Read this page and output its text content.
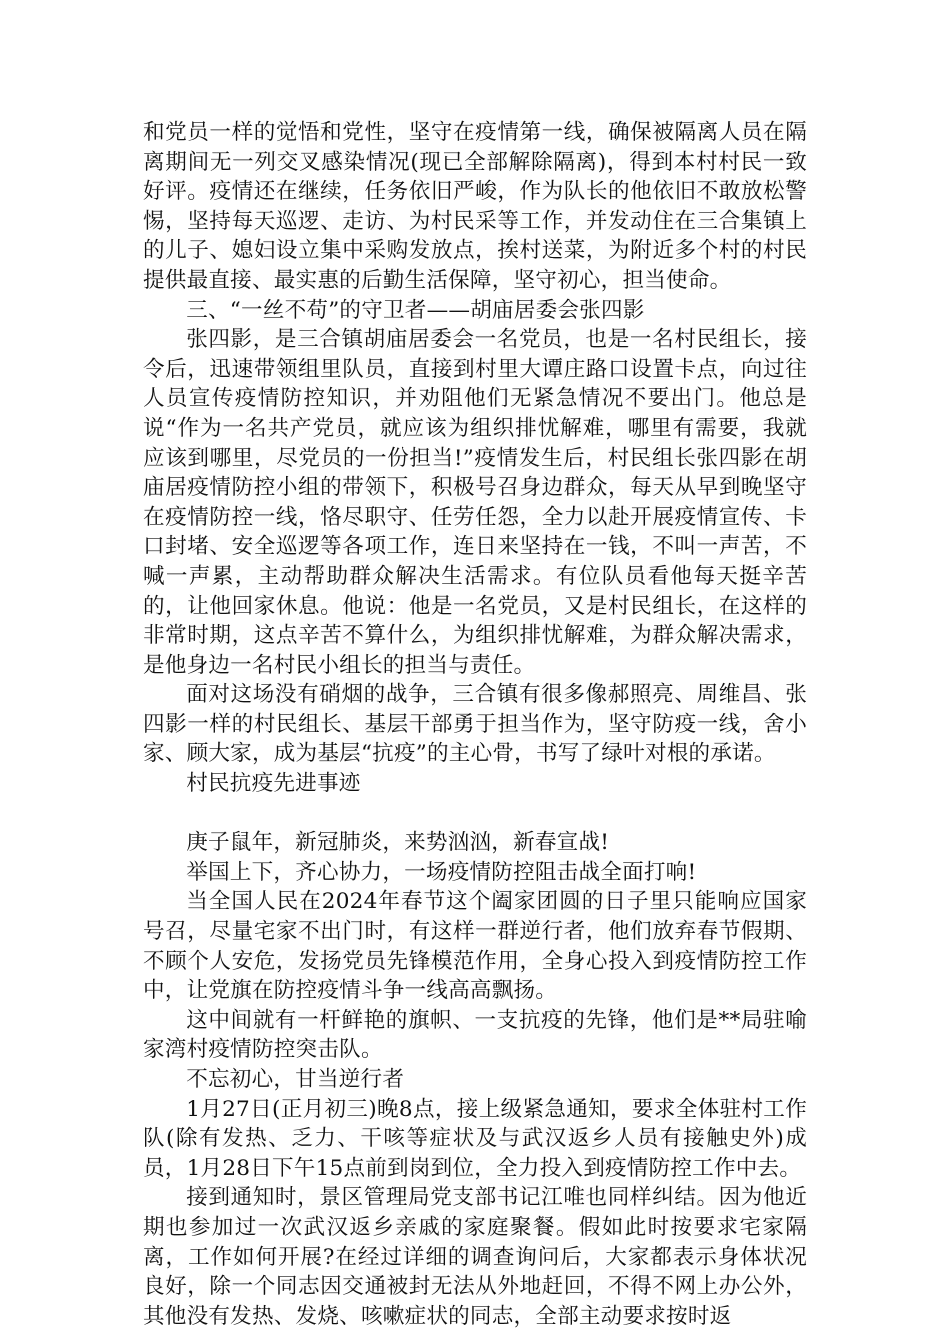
和党员一样的觉悟和党性，坚守在疫情第一线，确保被隔离人员在隔离期间无一列交叉感染情况(现已全部解除隔离)，得到本村村民一致好评。疫情还在继续，任务依旧严峻，作为队长的他依旧不敢放松警惕，坚持每天巡逻、走访、为村民采等工作，并发动住在三合集镇上的儿子、媳妇设立集中采购发放点，挨村送菜，为附近多个村的村民提供最直接、最实惠的后勤生活保障，坚守初心，担当使命。

三、“一丝不苟”的守卫者——胡庙居委会张四影

张四影，是三合镇胡庙居委会一名党员，也是一名村民组长，接令后，迅速带领组里队员，直接到村里大谭庄路口设置卡点，向过往人员宣传疫情防控知识，并劝阻他们无紧急情况不要出门。他总是说“作为一名共产党员，就应该为组织排忧解难，哪里有需要，我就应该到哪里，尽党员的一份担当!”疫情发生后，村民组长张四影在胡庙居疫情防控小组的带领下，积极号召身边群众，每天从早到晚坚守在疫情防控一线，恪尽职守、任劳任怨，全力以赴开展疫情宣传、卡口封堵、安全巡逻等各项工作，连日来坚持在一钱，不叫一声苦，不喊一声累，主动帮助群众解决生活需求。有位队员看他每天挺辛苦的，让他回家休息。他说：他是一名党员，又是村民组长，在这样的非常时期，这点辛苦不算什么，为组织排忧解难，为群众解决需求，是他身边一名村民小组长的担当与责任。

面对这场没有硝烟的战争，三合镇有很多像郝照亮、周维昌、张四影一样的村民组长、基层干部勇于担当作为，坚守防疫一线，舍小家、顾大家，成为基层“抗疫”的主心骨，书写了绿叶对根的承诺。

村民抗疫先进事迹

庚子鼠年，新冠肺炎，来势汹汹，新春宣战!

举国上下，齐心协力，一场疫情防控阻击战全面打响!

当全国人民在2024年春节这个阖家团圆的日子里只能响应国家号召，尽量宅家不出门时，有这样一群逆行者，他们放弃春节假期、不顾个人安危，发扬党员先锋模范作用，全身心投入到疫情防控工作中，让党旗在防控疫情斗争一线高高飘扬。

这中间就有一杆鲜艳的旗帜、一支抗疫的先锋，他们是**局驻喻家湾村疫情防控突击队。

不忘初心，甘当逆行者

1月27日(正月初三)晚8点，接上级紧急通知，要求全体驻村工作队(除有发热、乏力、干咳等症状及与武汉返乡人员有接触史外)成员，1月28日下午15点前到岗到位，全力投入到疫情防控工作中去。

接到通知时，景区管理局党支部书记江唯也同样纠结。因为他近期也参加过一次武汉返乡亲戚的家庭聚餐。假如此时按要求宅家隔离，工作如何开展?在经过详细的调查询问后，大家都表示身体状况良好，除一个同志因交通被封无法从外地赶回，不得不网上办公外，其他没有发热、发烧、咳嗽症状的同志，全部主动要求按时返
